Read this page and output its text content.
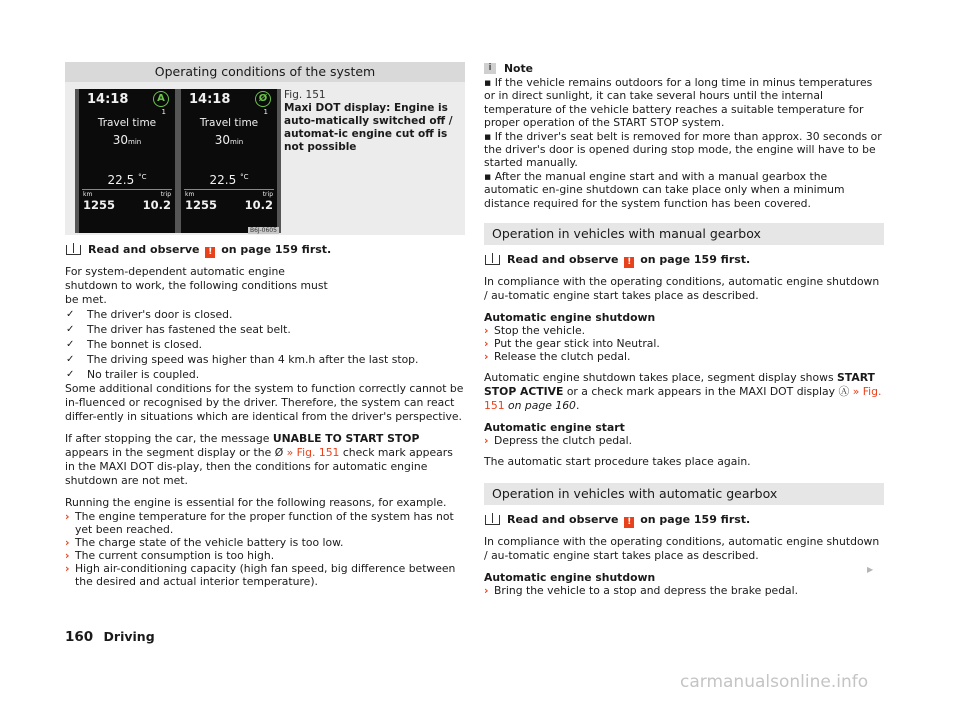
Operating conditions of the system
14:18	A
1
Travel time
30min
22.5 $^{^\circ C}$
km	trip
1255 10.2
14:18	Ø
1
Travel time
30min
22.5 $^{^\circ C}$
km	trip
1255 10.2
B6J-0605
Fig. 151
Maxi DOT display: Engine is auto-matically switched off / automat-ic engine cut off is not possible
Read and observe ! on page 159 first.

For system-dependent automatic engine shutdown to work, the following conditions must be met.

✓ The driver's door is closed.
✓ The driver has fastened the seat belt.
✓ The bonnet is closed.
✓ The driving speed was higher than 4 km.h after the last stop.
✓ No trailer is coupled.

Some additional conditions for the system to function correctly cannot be in-fluenced or recognised by the driver. Therefore, the system can react differ-ently in situations which are identical from the driver's perspective.

If after stopping the car, the message UNABLE TO START STOP appears in the segment display or the Ø » Fig. 151 check mark appears in the MAXI DOT dis-play, then the conditions for automatic engine shutdown are not met.

Running the engine is essential for the following reasons, for example.

› The engine temperature for the proper function of the system has not yet been reached.
› The charge state of the vehicle battery is too low.
› The current consumption is too high.
› High air-conditioning capacity (high fan speed, big difference between the desired and actual interior temperature).
i	Note
▪ If the vehicle remains outdoors for a long time in minus temperatures or in direct sunlight, it can take several hours until the internal temperature of the vehicle battery reaches a suitable temperature for proper operation of the START STOP system.
▪ If the driver's seat belt is removed for more than approx. 30 seconds or the driver's door is opened during stop mode, the engine will have to be started manually.
▪ After the manual engine start and with a manual gearbox the automatic en-gine shutdown can take place only when a minimum distance required for the system function has been covered.
Operation in vehicles with manual gearbox
Read and observe ! on page 159 first.

In compliance with the operating conditions, automatic engine shutdown / au-tomatic engine start takes place as described.

Automatic engine shutdown
› Stop the vehicle.
› Put the gear stick into Neutral.
› Release the clutch pedal.

Automatic engine shutdown takes place, segment display shows START STOP ACTIVE or a check mark appears in the MAXI DOT display Ⓐ » Fig. 151 on page 160.

Automatic engine start
› Depress the clutch pedal.

The automatic start procedure takes place again.

Operation in vehicles with automatic gearbox
Read and observe ! on page 159 first.

In compliance with the operating conditions, automatic engine shutdown / au-tomatic engine start takes place as described.

Automatic engine shutdown
› Bring the vehicle to a stop and depress the brake pedal.
▶
160 Driving
carmanualsonline.info
